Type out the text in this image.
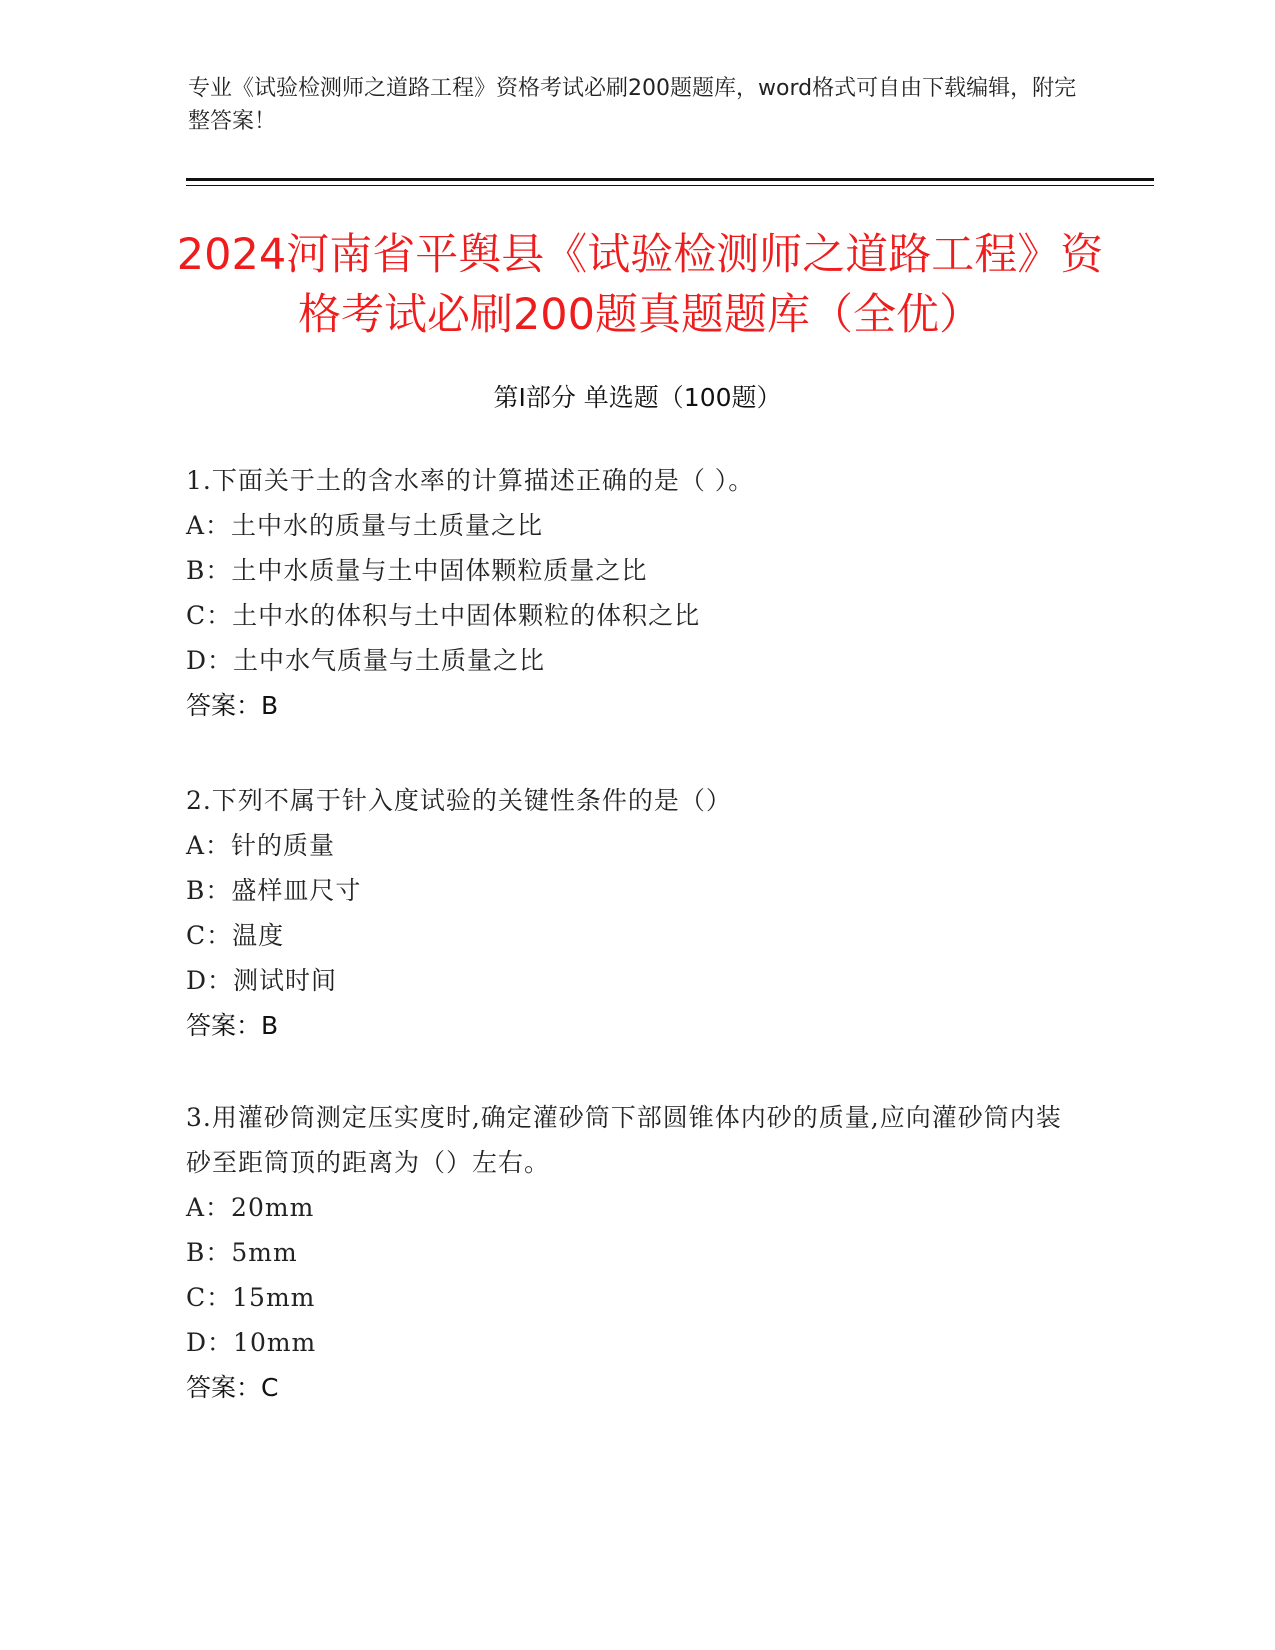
专业《试验检测师之道路工程》资格考试必刷200题题库，word格式可自由下载编辑，附完整答案！
2024河南省平舆县《试验检测师之道路工程》资格考试必刷200题真题题库（全优）
第I部分 单选题（100题）
1.下面关于土的含水率的计算描述正确的是（ ）。
A：土中水的质量与土质量之比
B：土中水质量与土中固体颗粒质量之比
C：土中水的体积与土中固体颗粒的体积之比
D：土中水气质量与土质量之比
答案：B
2.下列不属于针入度试验的关键性条件的是（）
A：针的质量
B：盛样皿尺寸
C：温度
D：测试时间
答案：B
3.用灌砂筒测定压实度时,确定灌砂筒下部圆锥体内砂的质量,应向灌砂筒内装砂至距筒顶的距离为（）左右。
A：20mm
B：5mm
C：15mm
D：10mm
答案：C
